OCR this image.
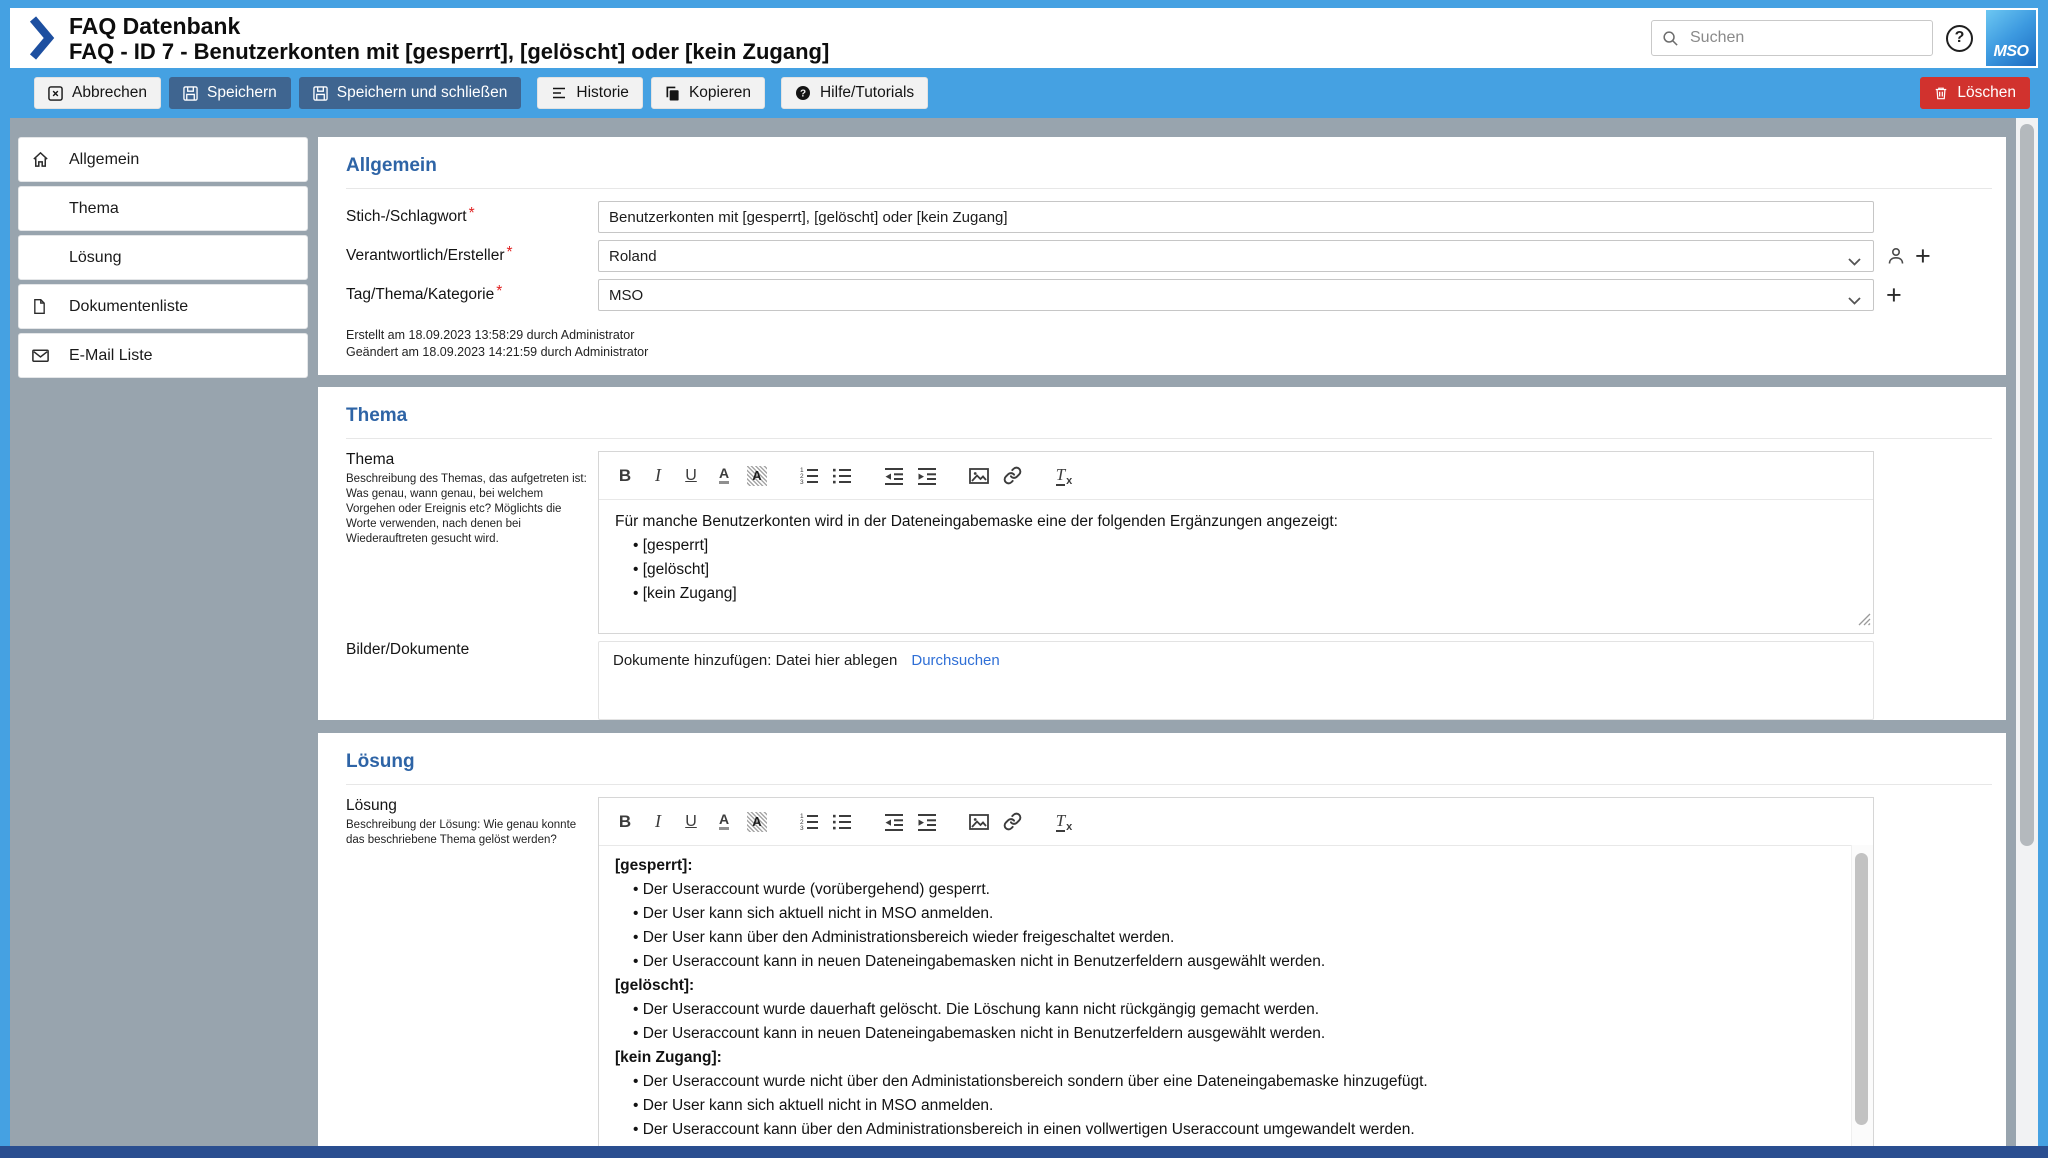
FAQ Datenbank
FAQ - ID 7 - Benutzerkonten mit [gesperrt], [gelöscht] oder [kein Zugang]
Suchen
?
MSO
Abbrechen	Speichern	Speichern und schließen	Historie	Kopieren	? Hilfe/Tutorials	Löschen
Allgemein
Thema
Lösung
Dokumentenliste
E-Mail Liste
Allgemein
Stich-/Schlagwort *
Benutzerkonten mit [gesperrt], [gelöscht] oder [kein Zugang]
Verantwortlich/Ersteller *	Roland	+
Tag/Thema/Kategorie *	MSO	+
Erstellt am 18.09.2023 13:58:29 durch Administrator
Geändert am 18.09.2023 14:21:59 durch Administrator
Thema
Thema
Beschreibung des Themas, das aufgetreten ist: Was genau, wann genau, bei welchem Vorgehen oder Ereignis etc? Möglichts die Worte verwenden, nach denen bei Wiederauftreten gesucht wird.
B I U A	A	1
2
3	$T_x$

Für manche Benutzerkonten wird in der Dateneingabemaske eine der folgenden Ergänzungen angezeigt:

• [gesperrt]
• [gelöscht]
• [kein Zugang]
Bilder/Dokumente
Dokumente hinzufügen: Datei hier ablegen Durchsuchen
Lösung
Lösung
Beschreibung der Lösung: Wie genau konnte das beschriebene Thema gelöst werden?
B I U A	A	1
2
3	$T_x$
[gesperrt]:
• Der Useraccount wurde (vorübergehend) gesperrt.
• Der User kann sich aktuell nicht in MSO anmelden.
• Der User kann über den Administrationsbereich wieder freigeschaltet werden.
• Der Useraccount kann in neuen Dateneingabemasken nicht in Benutzerfeldern ausgewählt werden.
[gelöscht]:
• Der Useraccount wurde dauerhaft gelöscht. Die Löschung kann nicht rückgängig gemacht werden.
• Der Useraccount kann in neuen Dateneingabemasken nicht in Benutzerfeldern ausgewählt werden.
[kein Zugang]:
• Der Useraccount wurde nicht über den Administationsbereich sondern über eine Dateneingabemaske hinzugefügt.
• Der User kann sich aktuell nicht in MSO anmelden.
• Der Useraccount kann über den Administrationsbereich in einen vollwertigen Useraccount umgewandelt werden.
